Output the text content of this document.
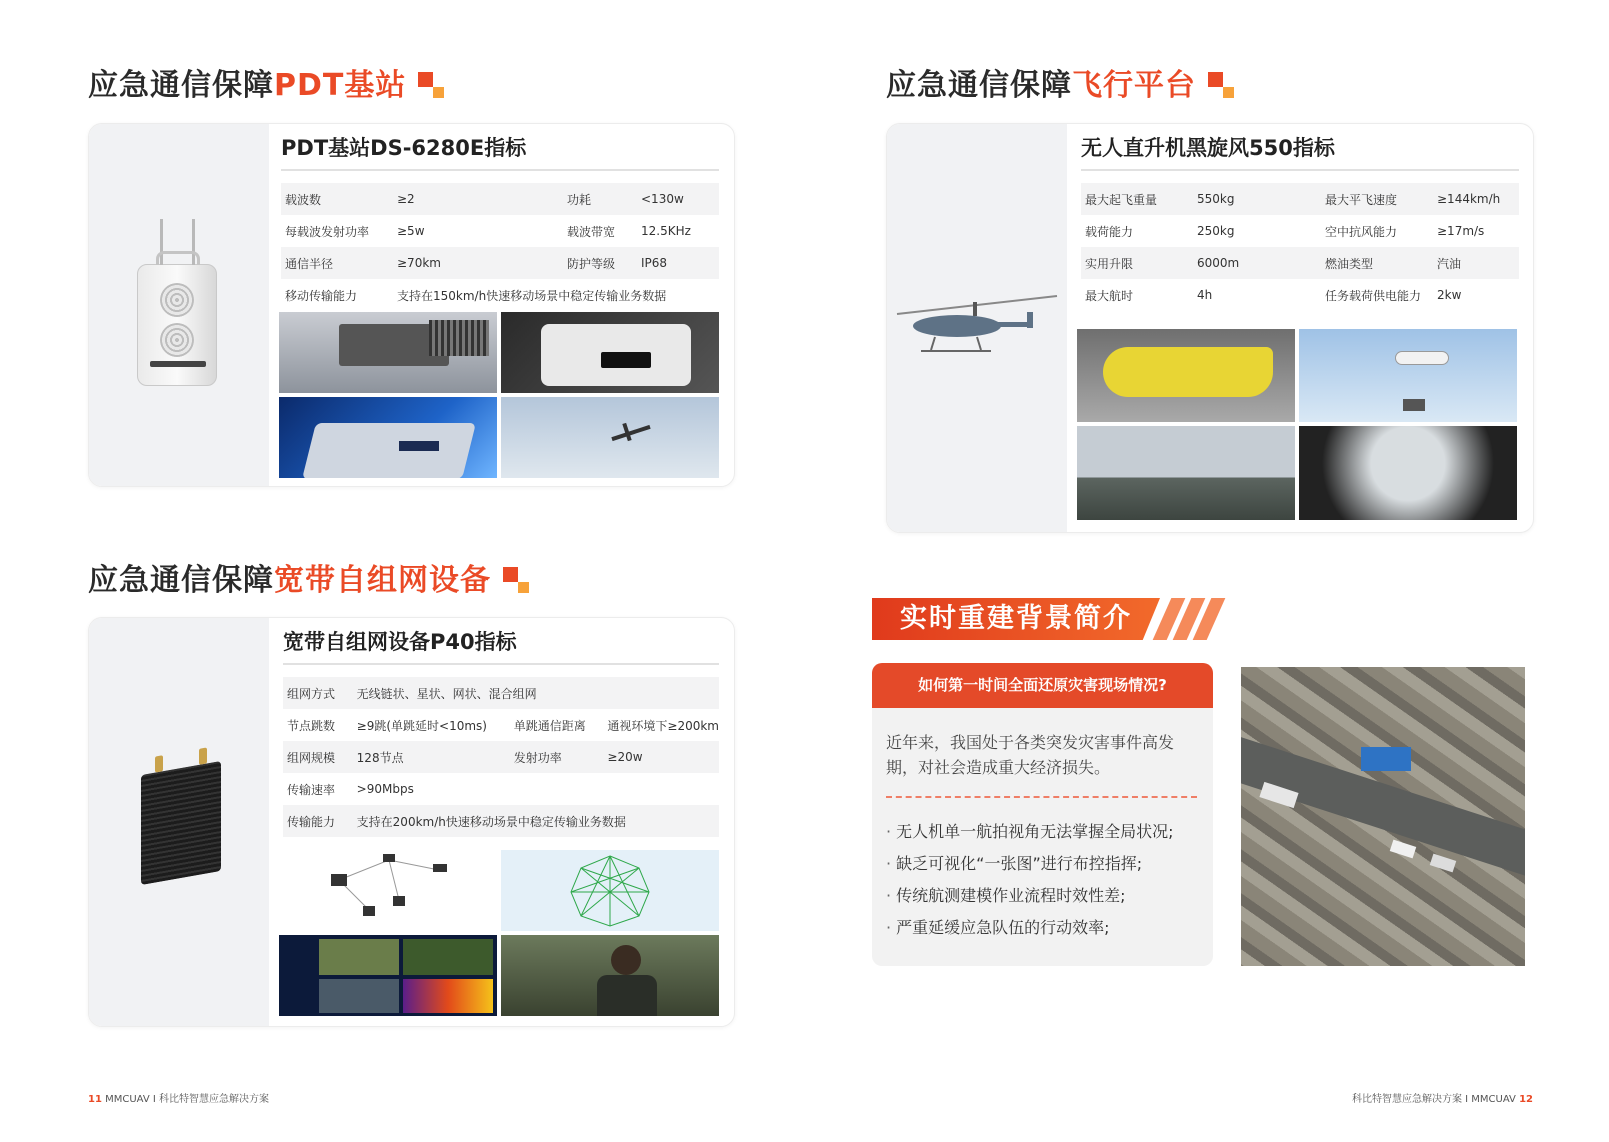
应急通信保障PDT基站	应急通信保障飞行平台
应急通信保障宽带自组网设备
PDT基站DS-6280E指标
载波数	≥2	功耗	<130w
每载波发射功率	≥5w	载波带宽	12.5KHz
通信半径	≥70km	防护等级	IP68
移动传输能力	支持在150km/h快速移动场景中稳定传输业务数据		
无人直升机黑旋风550指标
最大起飞重量	550kg	最大平飞速度	≥144km/h
载荷能力	250kg	空中抗风能力	≥17m/s
实用升限	6000m	燃油类型	汽油
最大航时	4h	任务载荷供电能力	2kw
宽带自组网设备P40指标
组网方式	无线链状、星状、网状、混合组网		
节点跳数	≥9跳(单跳延时<10ms)	单跳通信距离	通视环境下≥200km
组网规模	128节点	发射功率	≥20w
传输速率	>90Mbps		
传输能力	支持在200km/h快速移动场景中稳定传输业务数据		
实时重建背景简介
如何第一时间全面还原灾害现场情况?
近年来，我国处于各类突发灾害事件高发期，对社会造成重大经济损失。
· 无人机单一航拍视角无法掌握全局状况;
· 缺乏可视化“一张图”进行布控指挥;
· 传统航测建模作业流程时效性差;
· 严重延缓应急队伍的行动效率;
11 MMCUAV I 科比特智慧应急解决方案	科比特智慧应急解决方案 I MMCUAV 12
